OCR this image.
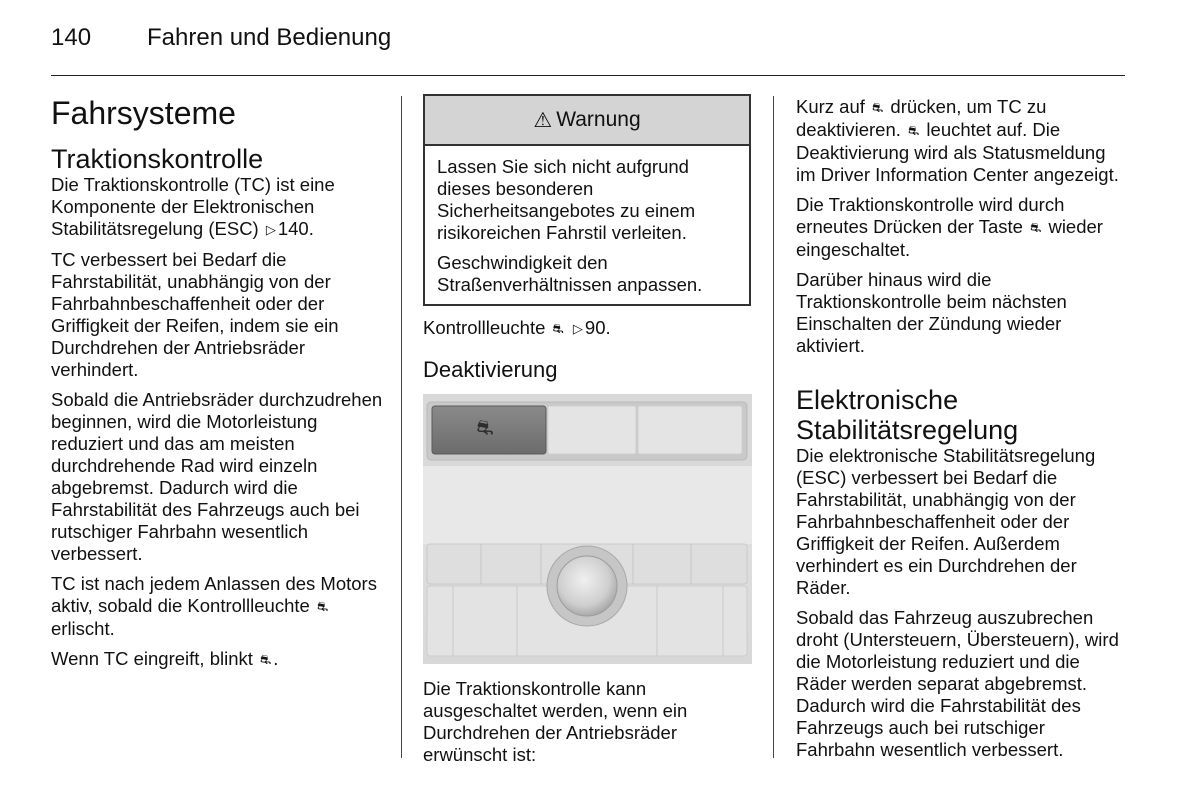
140 Fahren und Bedienung
Fahrsysteme
Traktionskontrolle

Die Traktionskontrolle (TC) ist eine Komponente der Elektronischen Stabilitätsregelung (ESC) ▷ 140.

TC verbessert bei Bedarf die Fahrstabilität, unabhängig von der Fahrbahnbeschaffenheit oder der Griffigkeit der Reifen, indem sie ein Durchdrehen der Antriebsräder verhindert.

Sobald die Antriebsräder durchzudrehen beginnen, wird die Motorleistung reduziert und das am meisten durchdrehende Rad wird einzeln abgebremst. Dadurch wird die Fahrstabilität des Fahrzeugs auch bei rutschiger Fahrbahn wesentlich verbessert.

TC ist nach jedem Anlassen des Motors aktiv, sobald die Kontrollleuchte ⛐ erlischt.

Wenn TC eingreift, blinkt ⛐ .

⚠ Warnung

Lassen Sie sich nicht aufgrund dieses besonderen Sicherheitsangebotes zu einem risikoreichen Fahrstil verleiten.

Geschwindigkeit den Straßenverhältnissen anpassen.

Kontrollleuchte ⛐ ▷ 90.

Deaktivierung
⛐

Die Traktionskontrolle kann ausgeschaltet werden, wenn ein Durchdrehen der Antriebsräder erwünscht ist:

Kurz auf ⛐ drücken, um TC zu deaktivieren. ⛐ leuchtet auf. Die Deaktivierung wird als Statusmeldung im Driver Information Center angezeigt.

Die Traktionskontrolle wird durch erneutes Drücken der Taste ⛐ wieder eingeschaltet.

Darüber hinaus wird die Traktionskontrolle beim nächsten Einschalten der Zündung wieder aktiviert.

Elektronische
Stabilitätsregelung

Die elektronische Stabilitätsregelung (ESC) verbessert bei Bedarf die Fahrstabilität, unabhängig von der Fahrbahnbeschaffenheit oder der Griffigkeit der Reifen. Außerdem verhindert es ein Durchdrehen der Räder.

Sobald das Fahrzeug auszubrechen droht (Untersteuern, Übersteuern), wird die Motorleistung reduziert und die Räder werden separat abgebremst. Dadurch wird die Fahrstabilität des Fahrzeugs auch bei rutschiger Fahrbahn wesentlich verbessert.
